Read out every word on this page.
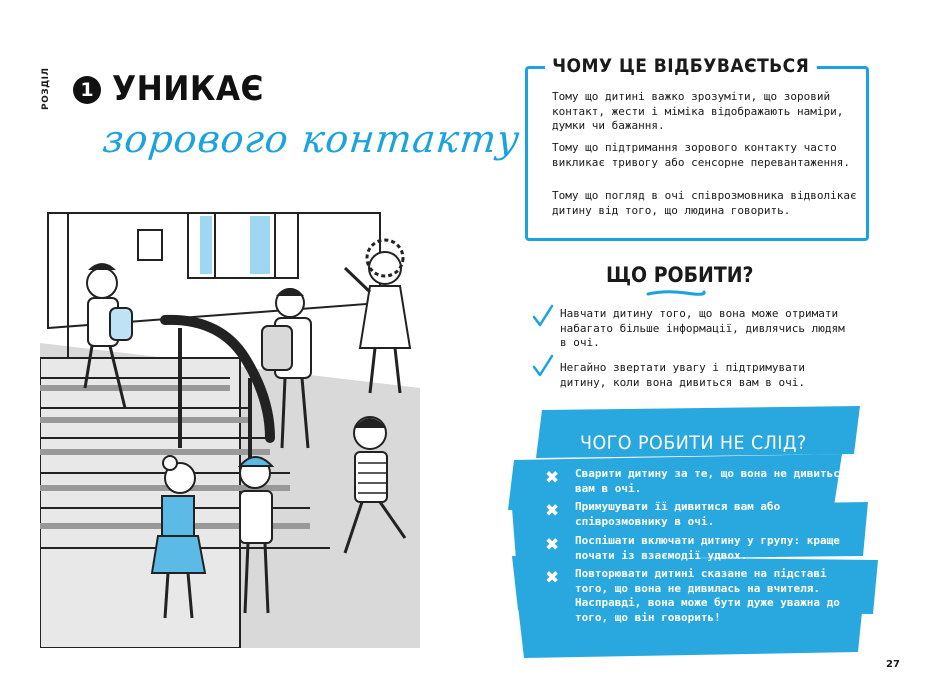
РОЗДІЛ	1 УНИКАЄ
зорового контакту
ЧОМУ ЦЕ ВІДБУВАЄТЬСЯ
Тому що дитині важко зрозуміти, що зоровий контакт, жести і міміка відображають наміри, думки чи бажання.
Тому що підтримання зорового контакту часто викликає тривогу або сенсорне перевантаження.
Тому що погляд в очі співрозмовника відволікає дитину від того, що людина говорить.
ЩО РОБИТИ?
Навчати дитину того, що вона може отримати набагато більше інформації, дивлячись людям в очі.
Негайно звертати увагу і підтримувати дитину, коли вона дивиться вам в очі.
ЧОГО РОБИТИ НЕ СЛІД?
✖ Сварити дитину за те, що вона не дивиться вам в очі.
✖ Примушувати її дивитися вам або співрозмовнику в очі.
✖ Поспішати включати дитину у групу: краще почати із взаємодії удвох.
✖ Повторювати дитині сказане на підставі того, що вона не дивилась на вчителя. Насправді, вона може бути дуже уважна до того, що він говорить!
27
